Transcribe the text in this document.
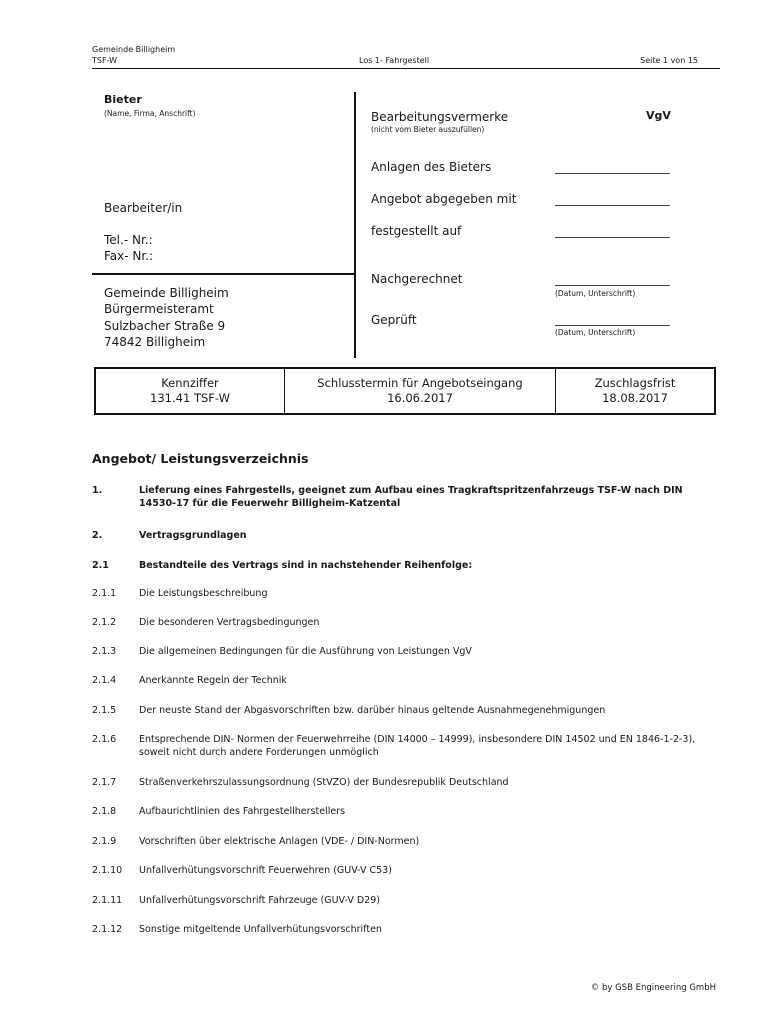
Gemeinde Billigheim
TSF-W	Los 1- Fahrgestell	Seite 1 von 15
Bieter
(Name, Firma, Anschrift)
Bearbeiter/in
Tel.- Nr.:
Fax- Nr.:
Gemeinde Billigheim
Bürgermeisteramt
Sulzbacher Straße 9
74842 Billigheim
Bearbeitungsvermerke	VgV
(nicht vom Bieter auszufüllen)
Anlagen des Bieters
Angebot abgegeben mit
festgestellt auf
Nachgerechnet
(Datum, Unterschrift)
Geprüft
(Datum, Unterschrift)
Kennziffer
131.41 TSF-W

Schlusstermin für Angebotseingang
16.06.2017

Zuschlagsfrist
18.08.2017
Angebot/ Leistungsverzeichnis
1.	Lieferung eines Fahrgestells, geeignet zum Aufbau eines Tragkraftspritzenfahrzeugs TSF-W nach DIN 14530-17 für die Feuerwehr Billigheim-Katzental
2.	Vertragsgrundlagen
2.1	Bestandteile des Vertrags sind in nachstehender Reihenfolge:
2.1.1 Die Leistungsbeschreibung
2.1.2 Die besonderen Vertragsbedingungen
2.1.3 Die allgemeinen Bedingungen für die Ausführung von Leistungen VgV
2.1.4 Anerkannte Regeln der Technik
2.1.5 Der neuste Stand der Abgasvorschriften bzw. darüber hinaus geltende Ausnahmegenehmigungen
2.1.6 Entsprechende DIN- Normen der Feuerwehrreihe (DIN 14000 – 14999), insbesondere DIN 14502 und EN 1846-1-2-3), soweit nicht durch andere Forderungen unmöglich
2.1.7 Straßenverkehrszulassungsordnung (StVZO) der Bundesrepublik Deutschland
2.1.8 Aufbaurichtlinien des Fahrgestellherstellers
2.1.9 Vorschriften über elektrische Anlagen (VDE- / DIN-Normen)
2.1.10 Unfallverhütungsvorschrift Feuerwehren (GUV-V C53)
2.1.11 Unfallverhütungsvorschrift Fahrzeuge (GUV-V D29)
2.1.12 Sonstige mitgeltende Unfallverhütungsvorschriften
© by GSB Engineering GmbH
